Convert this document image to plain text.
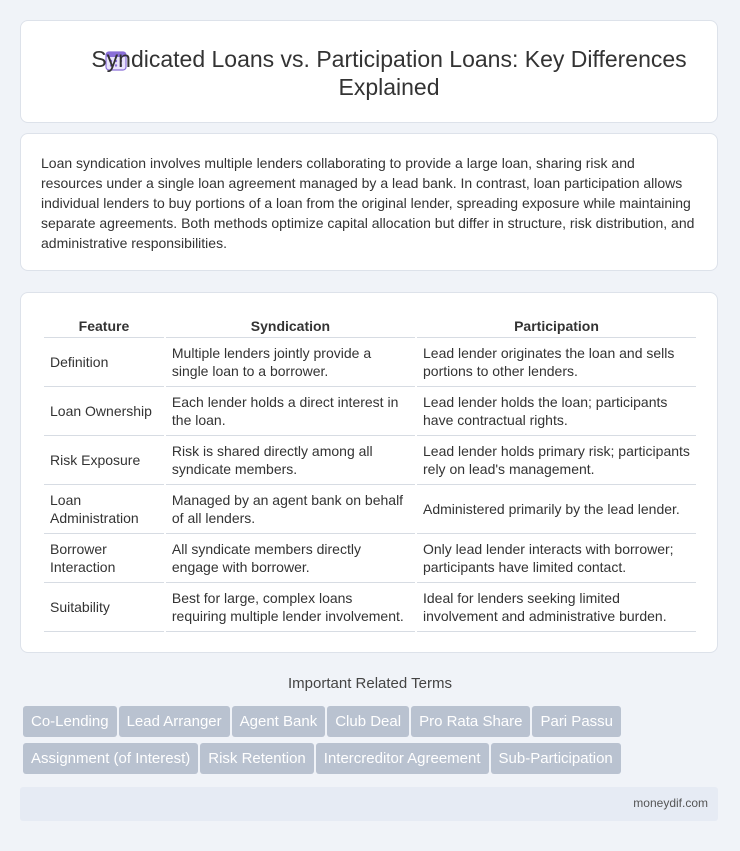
Syndicated Loans vs. Participation Loans: Key Differences Explained
Loan syndication involves multiple lenders collaborating to provide a large loan, sharing risk and resources under a single loan agreement managed by a lead bank. In contrast, loan participation allows individual lenders to buy portions of a loan from the original lender, spreading exposure while maintaining separate agreements. Both methods optimize capital allocation but differ in structure, risk distribution, and administrative responsibilities.
Feature	Syndication	Participation
Definition	Multiple lenders jointly provide a single loan to a borrower.	Lead lender originates the loan and sells portions to other lenders.
Loan Ownership	Each lender holds a direct interest in the loan.	Lead lender holds the loan; participants have contractual rights.
Risk Exposure	Risk is shared directly among all syndicate members.	Lead lender holds primary risk; participants rely on lead's management.
Loan Administration	Managed by an agent bank on behalf of all lenders.	Administered primarily by the lead lender.
Borrower Interaction	All syndicate members directly engage with borrower.	Only lead lender interacts with borrower; participants have limited contact.
Suitability	Best for large, complex loans requiring multiple lender involvement.	Ideal for lenders seeking limited involvement and administrative burden.
Important Related Terms
Co-Lending Lead Arranger Agent Bank Club Deal Pro Rata Share Pari Passu
Assignment (of Interest) Risk Retention Intercreditor Agreement Sub-Participation
moneydif.com
